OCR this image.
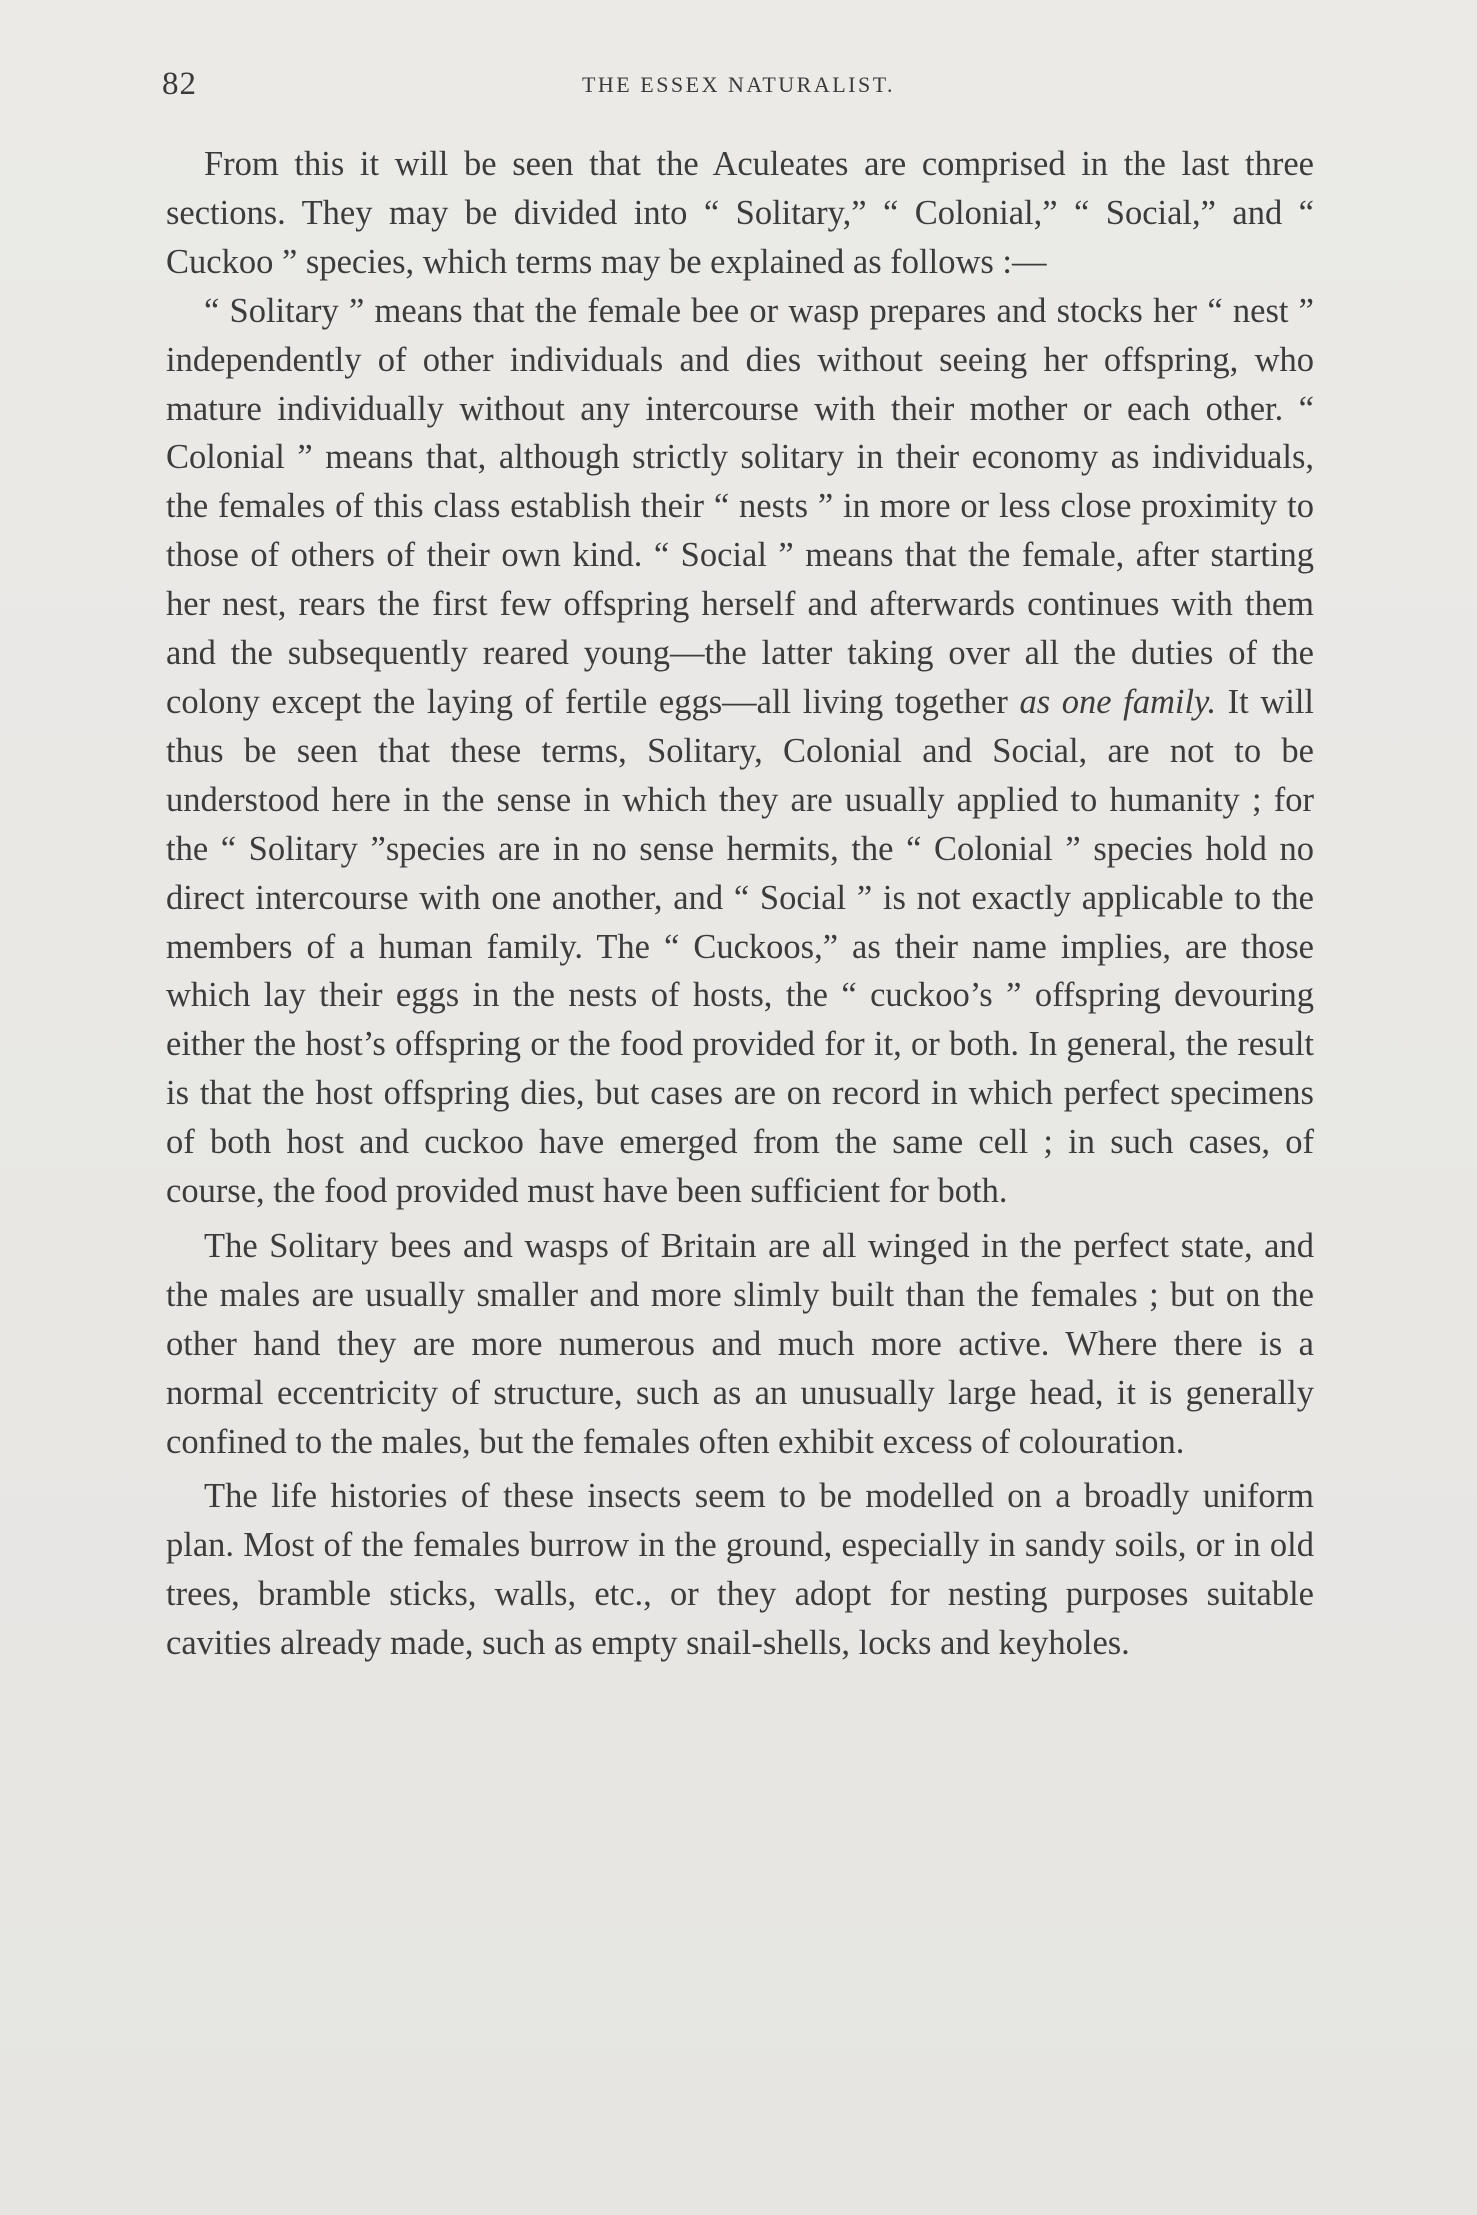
82	THE ESSEX NATURALIST.

From this it will be seen that the Aculeates are comprised in the last three sections. They may be divided into “ Solitary,” “ Colonial,” “ Social,” and “ Cuckoo ” species, which terms may be explained as follows :—

“ Solitary ” means that the female bee or wasp prepares and stocks her “ nest ” independently of other individuals and dies without seeing her offspring, who mature individually without any intercourse with their mother or each other. “ Colonial ” means that, although strictly solitary in their economy as individuals, the females of this class establish their “ nests ” in more or less close proximity to those of others of their own kind. “ Social ” means that the female, after starting her nest, rears the first few offspring herself and afterwards continues with them and the subsequently reared young—the latter taking over all the duties of the colony except the laying of fertile eggs—all living together as one family. It will thus be seen that these terms, Solitary, Colonial and Social, are not to be understood here in the sense in which they are usually applied to humanity ; for the “ Solitary ”species are in no sense hermits, the “ Colonial ” species hold no direct intercourse with one another, and “ Social ” is not exactly applicable to the members of a human family. The “ Cuckoos,” as their name implies, are those which lay their eggs in the nests of hosts, the “ cuckoo’s ” offspring devouring either the host’s offspring or the food provided for it, or both. In general, the result is that the host offspring dies, but cases are on record in which perfect specimens of both host and cuckoo have emerged from the same cell ; in such cases, of course, the food provided must have been sufficient for both.

The Solitary bees and wasps of Britain are all winged in the perfect state, and the males are usually smaller and more slimly built than the females ; but on the other hand they are more numerous and much more active. Where there is a normal eccentricity of structure, such as an unusually large head, it is generally confined to the males, but the females often exhibit excess of colouration.

The life histories of these insects seem to be modelled on a broadly uniform plan. Most of the females burrow in the ground, especially in sandy soils, or in old trees, bramble sticks, walls, etc., or they adopt for nesting purposes suitable cavities already made, such as empty snail-shells, locks and keyholes.
